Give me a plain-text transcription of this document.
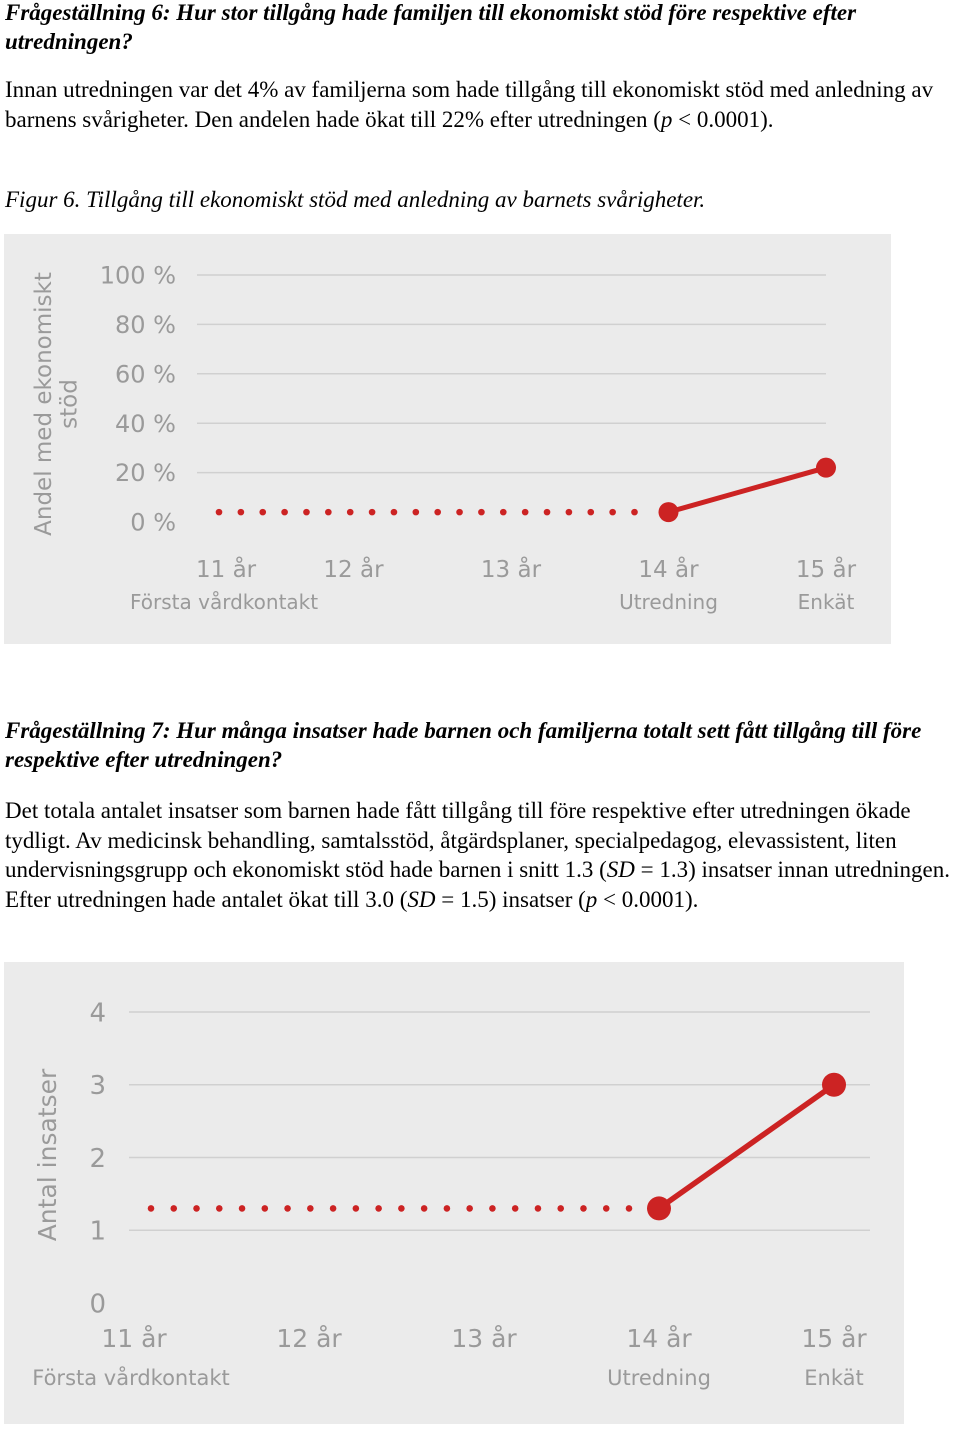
Frågeställning 6: Hur stor tillgång hade familjen till ekonomiskt stöd före respektive efter utredningen?

Innan utredningen var det 4% av familjerna som hade tillgång till ekonomiskt stöd med anledning av barnens svårigheter. Den andelen hade ökat till 22% efter utredningen (p < 0.0001).

Figur 6. Tillgång till ekonomiskt stöd med anledning av barnets svårigheter.

Andel med ekonomisktstöd
0 %
20 %
40 %
60 %
80 %
100 %
11 år
Första vårdkontakt
12 år	13 år	14 år
Utredning
15 år
Enkät

Frågeställning 7: Hur många insatser hade barnen och familjerna totalt sett fått tillgång till före respektive efter utredningen?

Det totala antalet insatser som barnen hade fått tillgång till före respektive efter utredningen ökade tydligt. Av medicinsk behandling, samtalsstöd, åtgärdsplaner, specialpedagog, elevassistent, liten undervisningsgrupp och ekonomiskt stöd hade barnen i snitt 1.3 (SD = 1.3) insatser innan utredningen. Efter utredningen hade antalet ökat till 3.0 (SD = 1.5) insatser (p < 0.0001).

Antal insatser
0
1
2
3
4
11 år
Första vårdkontakt
12 år	13 år	14 år
Utredning
15 år
Enkät
